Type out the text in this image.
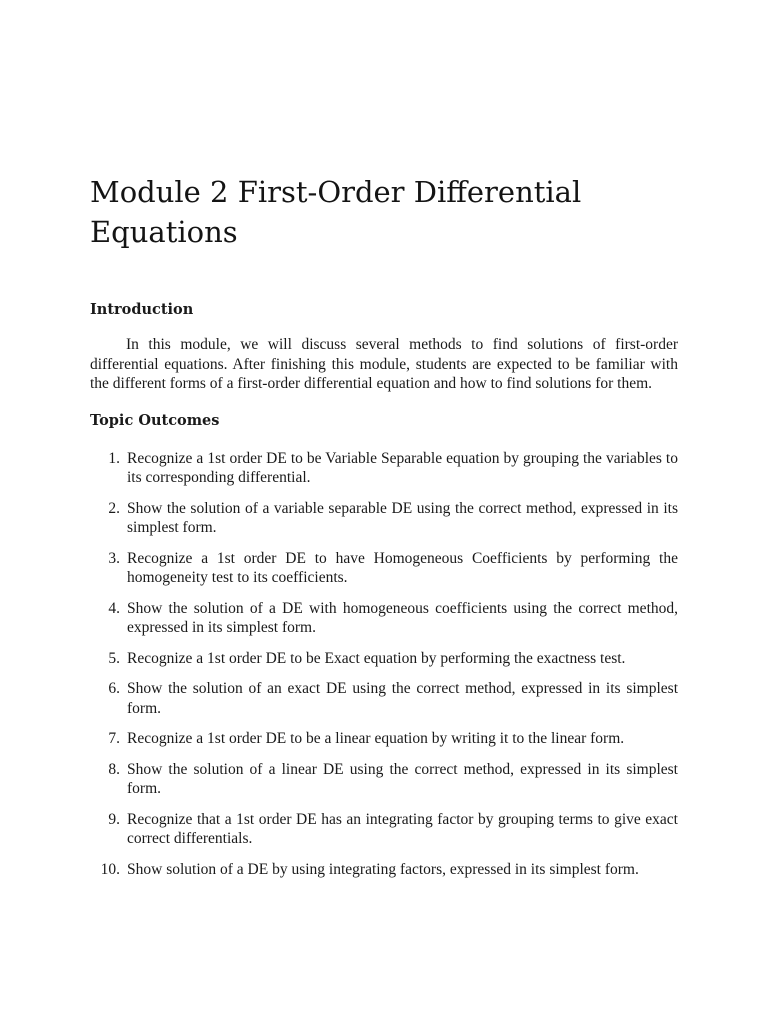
Module 2 First-Order Differential
Equations
Introduction

In this module, we will discuss several methods to find solutions of first-order differential equations. After finishing this module, students are expected to be familiar with the different forms of a first-order differential equation and how to find solutions for them.

Topic Outcomes
1. Recognize a 1st order DE to be Variable Separable equation by grouping the variables to its corresponding differential.
2. Show the solution of a variable separable DE using the correct method, expressed in its simplest form.
3. Recognize a 1st order DE to have Homogeneous Coefficients by performing the homogeneity test to its coefficients.
4. Show the solution of a DE with homogeneous coefficients using the correct method, expressed in its simplest form.
5. Recognize a 1st order DE to be Exact equation by performing the exactness test.
6. Show the solution of an exact DE using the correct method, expressed in its simplest form.
7. Recognize a 1st order DE to be a linear equation by writing it to the linear form.
8. Show the solution of a linear DE using the correct method, expressed in its simplest form.
9. Recognize that a 1st order DE has an integrating factor by grouping terms to give exact correct differentials.
10. Show solution of a DE by using integrating factors, expressed in its simplest form.
